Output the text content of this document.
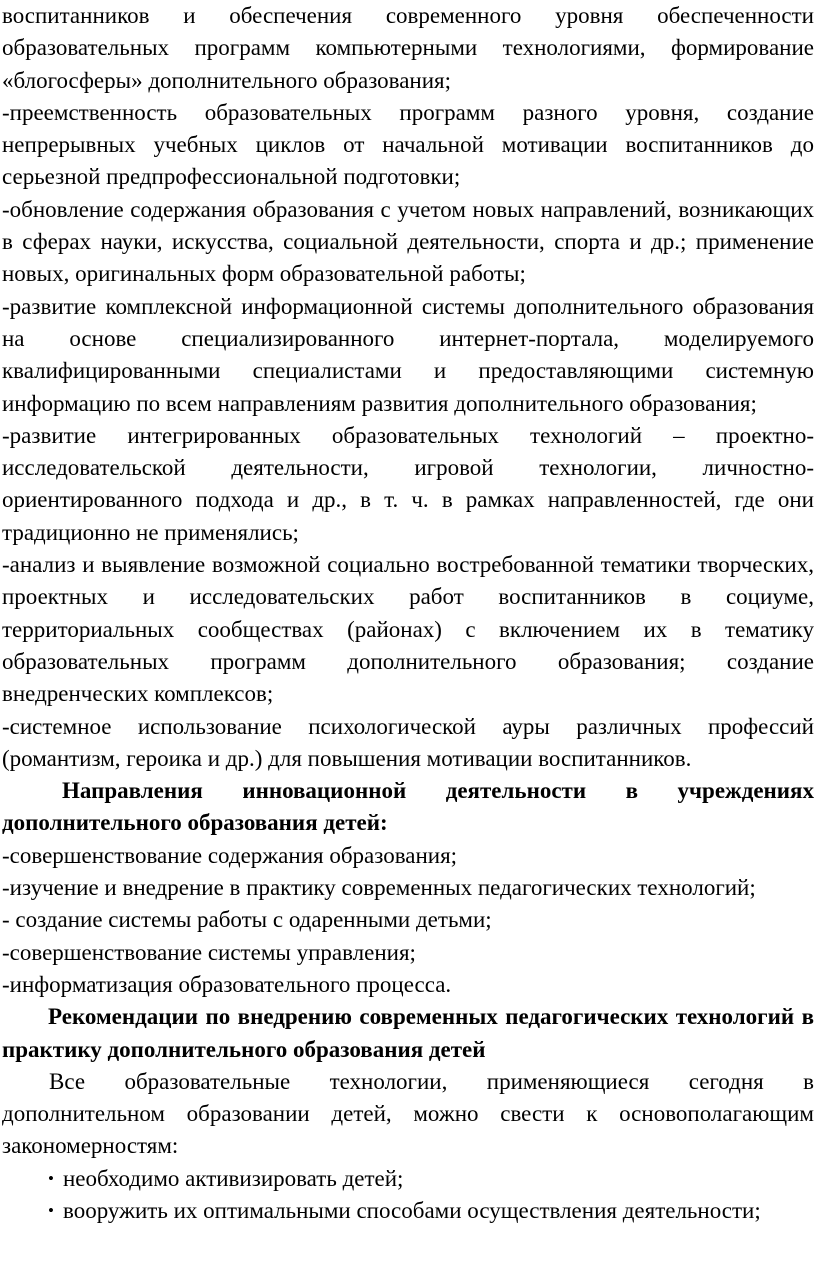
воспитанников и обеспечения современного уровня обеспеченности образовательных программ компьютерными технологиями, формирование «блогосферы» дополнительного образования;

-преемственность образовательных программ разного уровня, создание непрерывных учебных циклов от начальной мотивации воспитанников до серьезной предпрофессиональной подготовки;

-обновление содержания образования с учетом новых направлений, возникающих в сферах науки, искусства, социальной деятельности, спорта и др.; применение новых, оригинальных форм образовательной работы;

-развитие комплексной информационной системы дополнительного образования на основе специализированного интернет-портала, моделируемого квалифицированными специалистами и предоставляющими системную информацию по всем направлениям развития дополнительного образования;

-развитие интегрированных образовательных технологий – проектно-исследовательской деятельности, игровой технологии, личностно-ориентированного подхода и др., в т. ч. в рамках направленностей, где они традиционно не применялись;

-анализ и выявление возможной социально востребованной тематики творческих, проектных и исследовательских работ воспитанников в социуме, территориальных сообществах (районах) с включением их в тематику образовательных программ дополнительного образования; создание внедренческих комплексов;

-системное использование психологической ауры различных профессий (романтизм, героика и др.) для повышения мотивации воспитанников.

Направления инновационной деятельности в учреждениях дополнительного образования детей:

-совершенствование содержания образования;

-изучение и внедрение в практику современных педагогических технологий;

- создание системы работы с одаренными детьми;

-совершенствование системы управления;

-информатизация образовательного процесса.

Рекомендации по внедрению современных педагогических технологий в практику дополнительного образования детей

Все образовательные технологии, применяющиеся сегодня в дополнительном образовании детей, можно свести к основополагающим закономерностям:

• необходимо активизировать детей;
• вооружить их оптимальными способами осуществления деятельности;
